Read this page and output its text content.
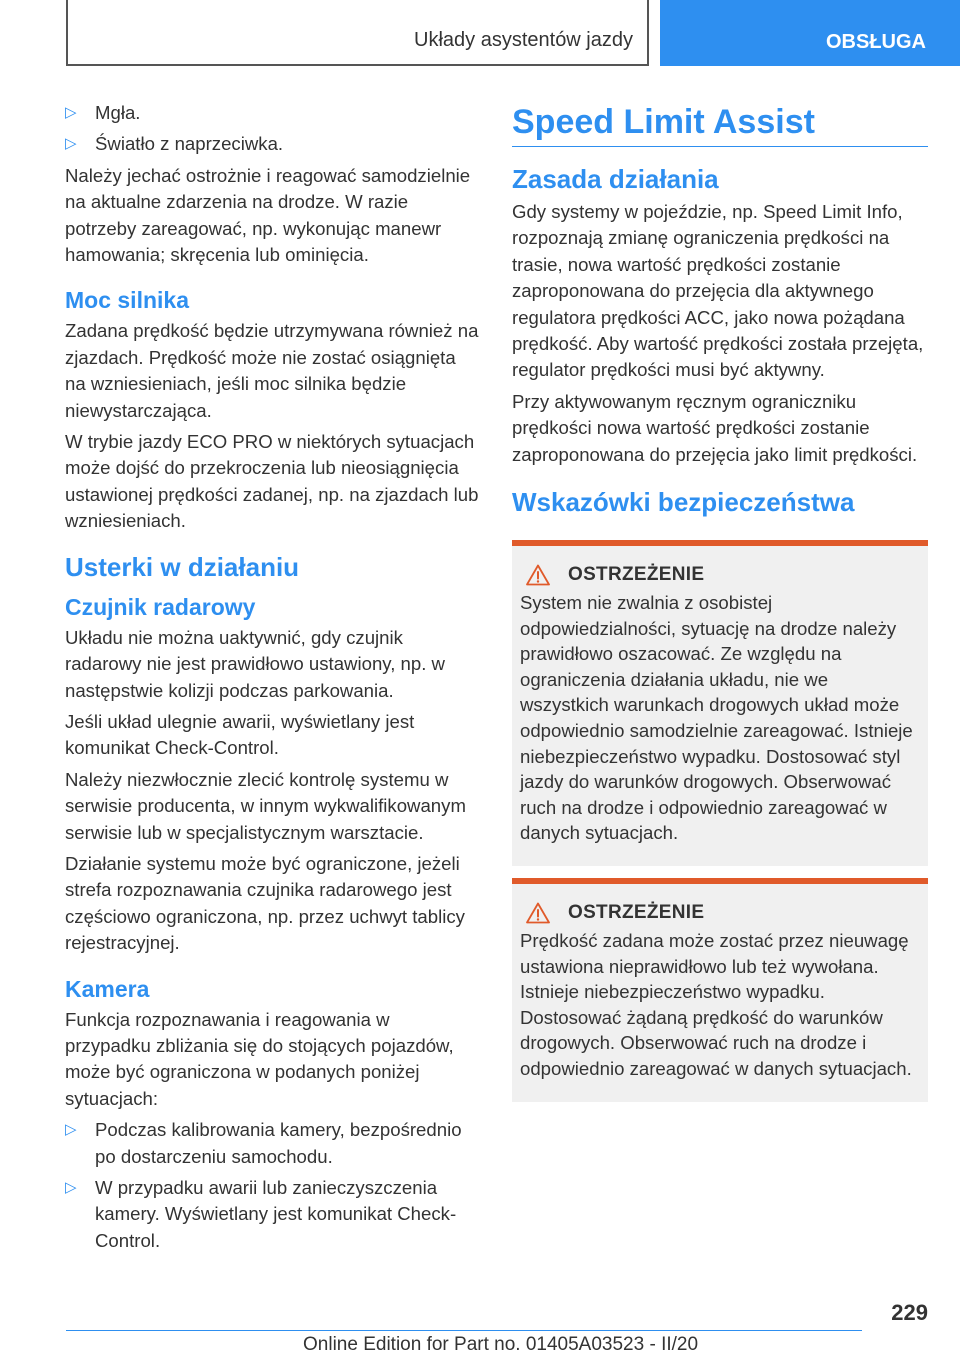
Układy asystentów jazdy	OBSŁUGA
▷ Mgła.
▷ Światło z naprzeciwka.

Należy jechać ostrożnie i reagować samodzielnie na aktualne zdarzenia na drodze. W razie potrzeby zareagować, np. wykonując manewr hamowania; skręcenia lub ominięcia.

Moc silnika

Zadana prędkość będzie utrzymywana również na zjazdach. Prędkość może nie zostać osiągnięta na wzniesieniach, jeśli moc silnika będzie niewystarczająca.

W trybie jazdy ECO PRO w niektórych sytuacjach może dojść do przekroczenia lub nieosiągnięcia ustawionej prędkości zadanej, np. na zjazdach lub wzniesieniach.

Usterki w działaniu
Czujnik radarowy

Układu nie można uaktywnić, gdy czujnik radarowy nie jest prawidłowo ustawiony, np. w następstwie kolizji podczas parkowania.

Jeśli układ ulegnie awarii, wyświetlany jest komunikat Check-Control.

Należy niezwłocznie zlecić kontrolę systemu w serwisie producenta, w innym wykwalifikowanym serwisie lub w specjalistycznym warsztacie.

Działanie systemu może być ograniczone, jeżeli strefa rozpoznawania czujnika radarowego jest częściowo ograniczona, np. przez uchwyt tablicy rejestracyjnej.

Kamera

Funkcja rozpoznawania i reagowania w przypadku zbliżania się do stojących pojazdów, może być ograniczona w podanych poniżej sytuacjach:

▷ Podczas kalibrowania kamery, bezpośrednio po dostarczeniu samochodu.
▷ W przypadku awarii lub zanieczyszczenia kamery. Wyświetlany jest komunikat Check-Control.
Speed Limit Assist
Zasada działania

Gdy systemy w pojeździe, np. Speed Limit Info, rozpoznają zmianę ograniczenia prędkości na trasie, nowa wartość prędkości zostanie zaproponowana do przejęcia dla aktywnego regulatora prędkości ACC, jako nowa pożądana prędkość. Aby wartość prędkości została przejęta, regulator prędkości musi być aktywny.

Przy aktywowanym ręcznym ograniczniku prędkości nowa wartość prędkości zostanie zaproponowana do przejęcia jako limit prędkości.

Wskazówki bezpieczeństwa
OSTRZEŻENIE

System nie zwalnia z osobistej odpowiedzialności, sytuację na drodze należy prawidłowo oszacować. Ze względu na ograniczenia działania układu, nie we wszystkich warunkach drogowych układ może odpowiednio samodzielnie zareagować. Istnieje niebezpieczeństwo wypadku. Dostosować styl jazdy do warunków drogowych. Obserwować ruch na drodze i odpowiednio zareagować w danych sytuacjach.

OSTRZEŻENIE

Prędkość zadana może zostać przez nieuwagę ustawiona nieprawidłowo lub też wywołana. Istnieje niebezpieczeństwo wypadku. Dostosować żądaną prędkość do warunków drogowych. Obserwować ruch na drodze i odpowiednio zareagować w danych sytuacjach.

229
Online Edition for Part no. 01405A03523 - II/20
